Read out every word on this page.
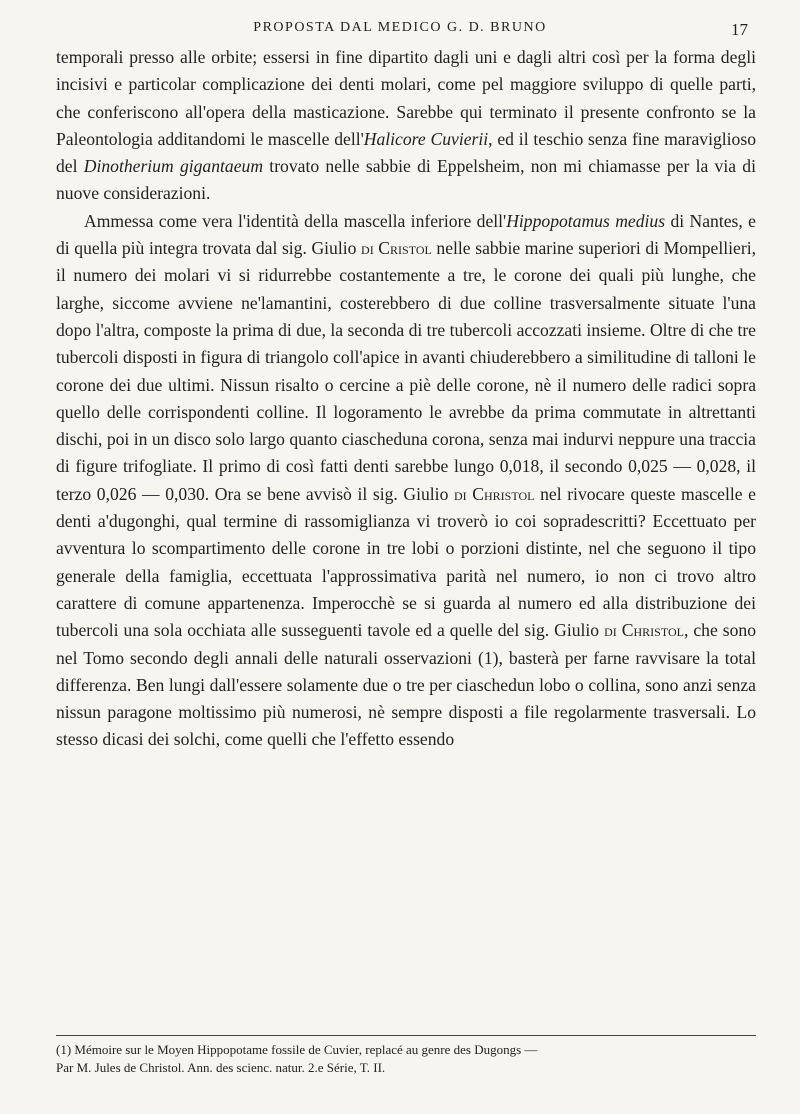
PROPOSTA DAL MEDICO G. D. BRUNO	17

temporali presso alle orbite; essersi in fine dipartito dagli uni e dagli altri così per la forma degli incisivi e particolar complicazione dei denti molari, come pel maggiore sviluppo di quelle parti, che conferiscono all'opera della masticazione. Sarebbe qui terminato il presente confronto se la Paleontologia additandomi le mascelle dell'Halicore Cuvierii, ed il teschio senza fine maraviglioso del Dinotherium gigantaeum trovato nelle sabbie di Eppelsheim, non mi chiamasse per la via di nuove considerazioni.

Ammessa come vera l'identità della mascella inferiore dell'Hippopotamus medius di Nantes, e di quella più integra trovata dal sig. Giulio di Cristol nelle sabbie marine superiori di Mompellieri, il numero dei molari vi si ridurrebbe costantemente a tre, le corone dei quali più lunghe, che larghe, siccome avviene ne'lamantini, costerebbero di due colline trasversalmente situate l'una dopo l'altra, composte la prima di due, la seconda di tre tubercoli accozzati insieme. Oltre di che tre tubercoli disposti in figura di triangolo coll'apice in avanti chiuderebbero a similitudine di talloni le corone dei due ultimi. Nissun risalto o cercine a piè delle corone, nè il numero delle radici sopra quello delle corrispondenti colline. Il logoramento le avrebbe da prima commutate in altrettanti dischi, poi in un disco solo largo quanto ciascheduna corona, senza mai indurvi neppure una traccia di figure trifogliate. Il primo di così fatti denti sarebbe lungo 0,018, il secondo 0,025 — 0,028, il terzo 0,026 — 0,030. Ora se bene avvisò il sig. Giulio di Christol nel rivocare queste mascelle e denti a'dugonghi, qual termine di rassomiglianza vi troverò io coi sopradescritti? Eccettuato per avventura lo scompartimento delle corone in tre lobi o porzioni distinte, nel che seguono il tipo generale della famiglia, eccettuata l'approssimativa parità nel numero, io non ci trovo altro carattere di comune appartenenza. Imperocchè se si guarda al numero ed alla distribuzione dei tubercoli una sola occhiata alle susseguenti tavole ed a quelle del sig. Giulio di Christol, che sono nel Tomo secondo degli annali delle naturali osservazioni (1), basterà per farne ravvisare la total differenza. Ben lungi dall'essere solamente due o tre per ciaschedun lobo o collina, sono anzi senza nissun paragone moltissimo più numerosi, nè sempre disposti a file regolarmente trasversali. Lo stesso dicasi dei solchi, come quelli che l'effetto essendo

(1) Mémoire sur le Moyen Hippopotame fossile de Cuvier, replacé au genre des Dugongs —
Par M. Jules de Christol. Ann. des scienc. natur. 2.e Série, T. II.
